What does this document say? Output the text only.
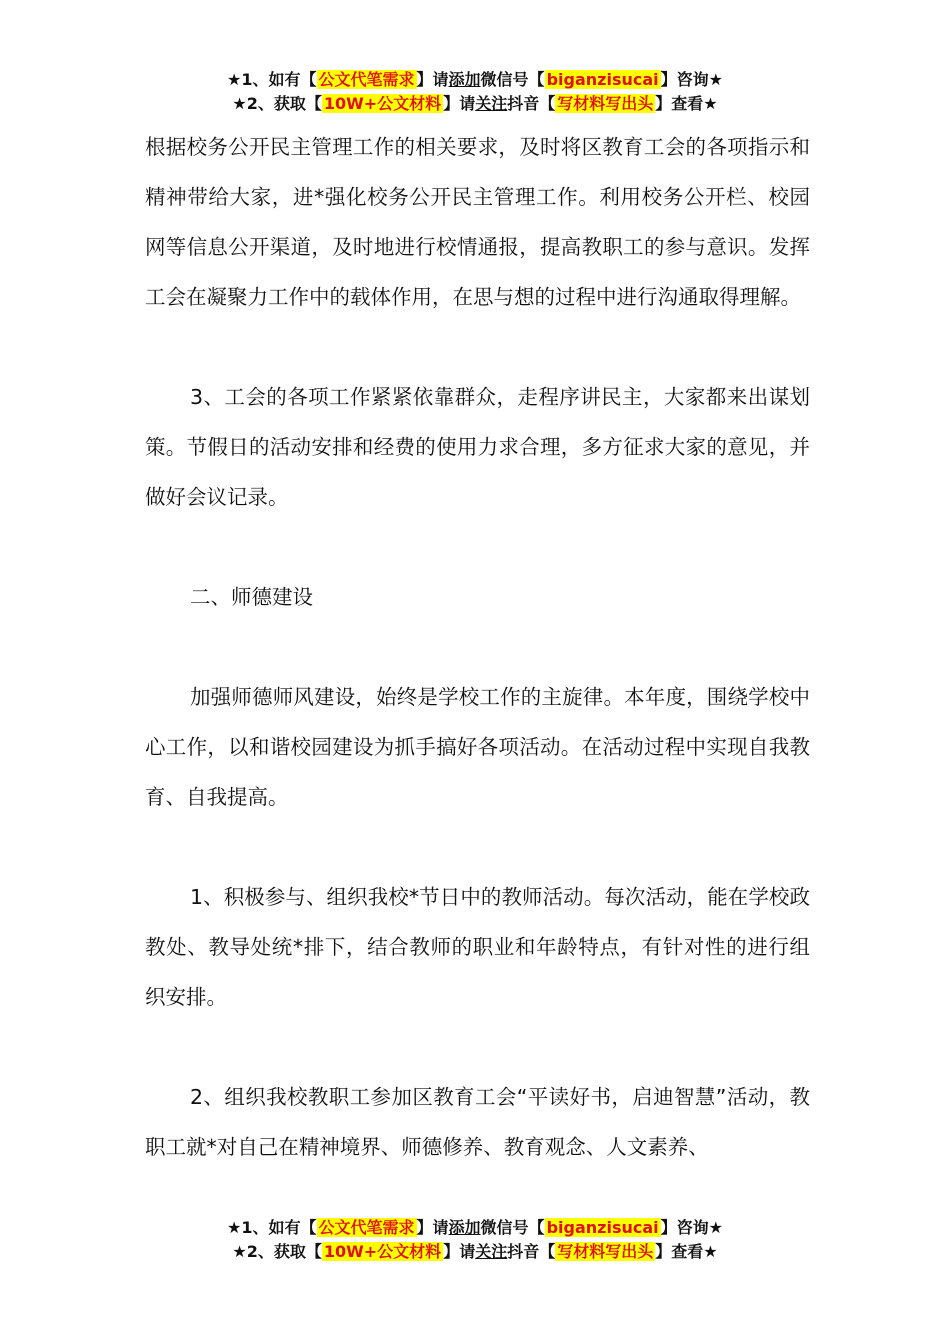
★1、如有【 公文代笔需求 】请添加微信号【 biganzisucai 】咨询★
★2、获取【 10W+公文材料 】请关注抖音【 写材料写出头 】查看★

根据校务公开民主管理工作的相关要求，及时将区教育工会的各项指示和精神带给大家，进*强化校务公开民主管理工作。利用校务公开栏、校园网等信息公开渠道，及时地进行校情通报，提高教职工的参与意识。发挥工会在凝聚力工作中的载体作用，在思与想的过程中进行沟通取得理解。

3、工会的各项工作紧紧依靠群众，走程序讲民主，大家都来出谋划策。节假日的活动安排和经费的使用力求合理，多方征求大家的意见，并做好会议记录。

二、师德建设

加强师德师风建设，始终是学校工作的主旋律。本年度，围绕学校中心工作，以和谐校园建设为抓手搞好各项活动。在活动过程中实现自我教育、自我提高。

1、积极参与、组织我校*节日中的教师活动。每次活动，能在学校政教处、教导处统*排下，结合教师的职业和年龄特点，有针对性的进行组织安排。

2、组织我校教职工参加区教育工会“平读好书，启迪智慧”活动，教职工就*对自己在精神境界、师德修养、教育观念、人文素养、

★1、如有【 公文代笔需求 】请添加微信号【 biganzisucai 】咨询★
★2、获取【 10W+公文材料 】请关注抖音【 写材料写出头 】查看★
